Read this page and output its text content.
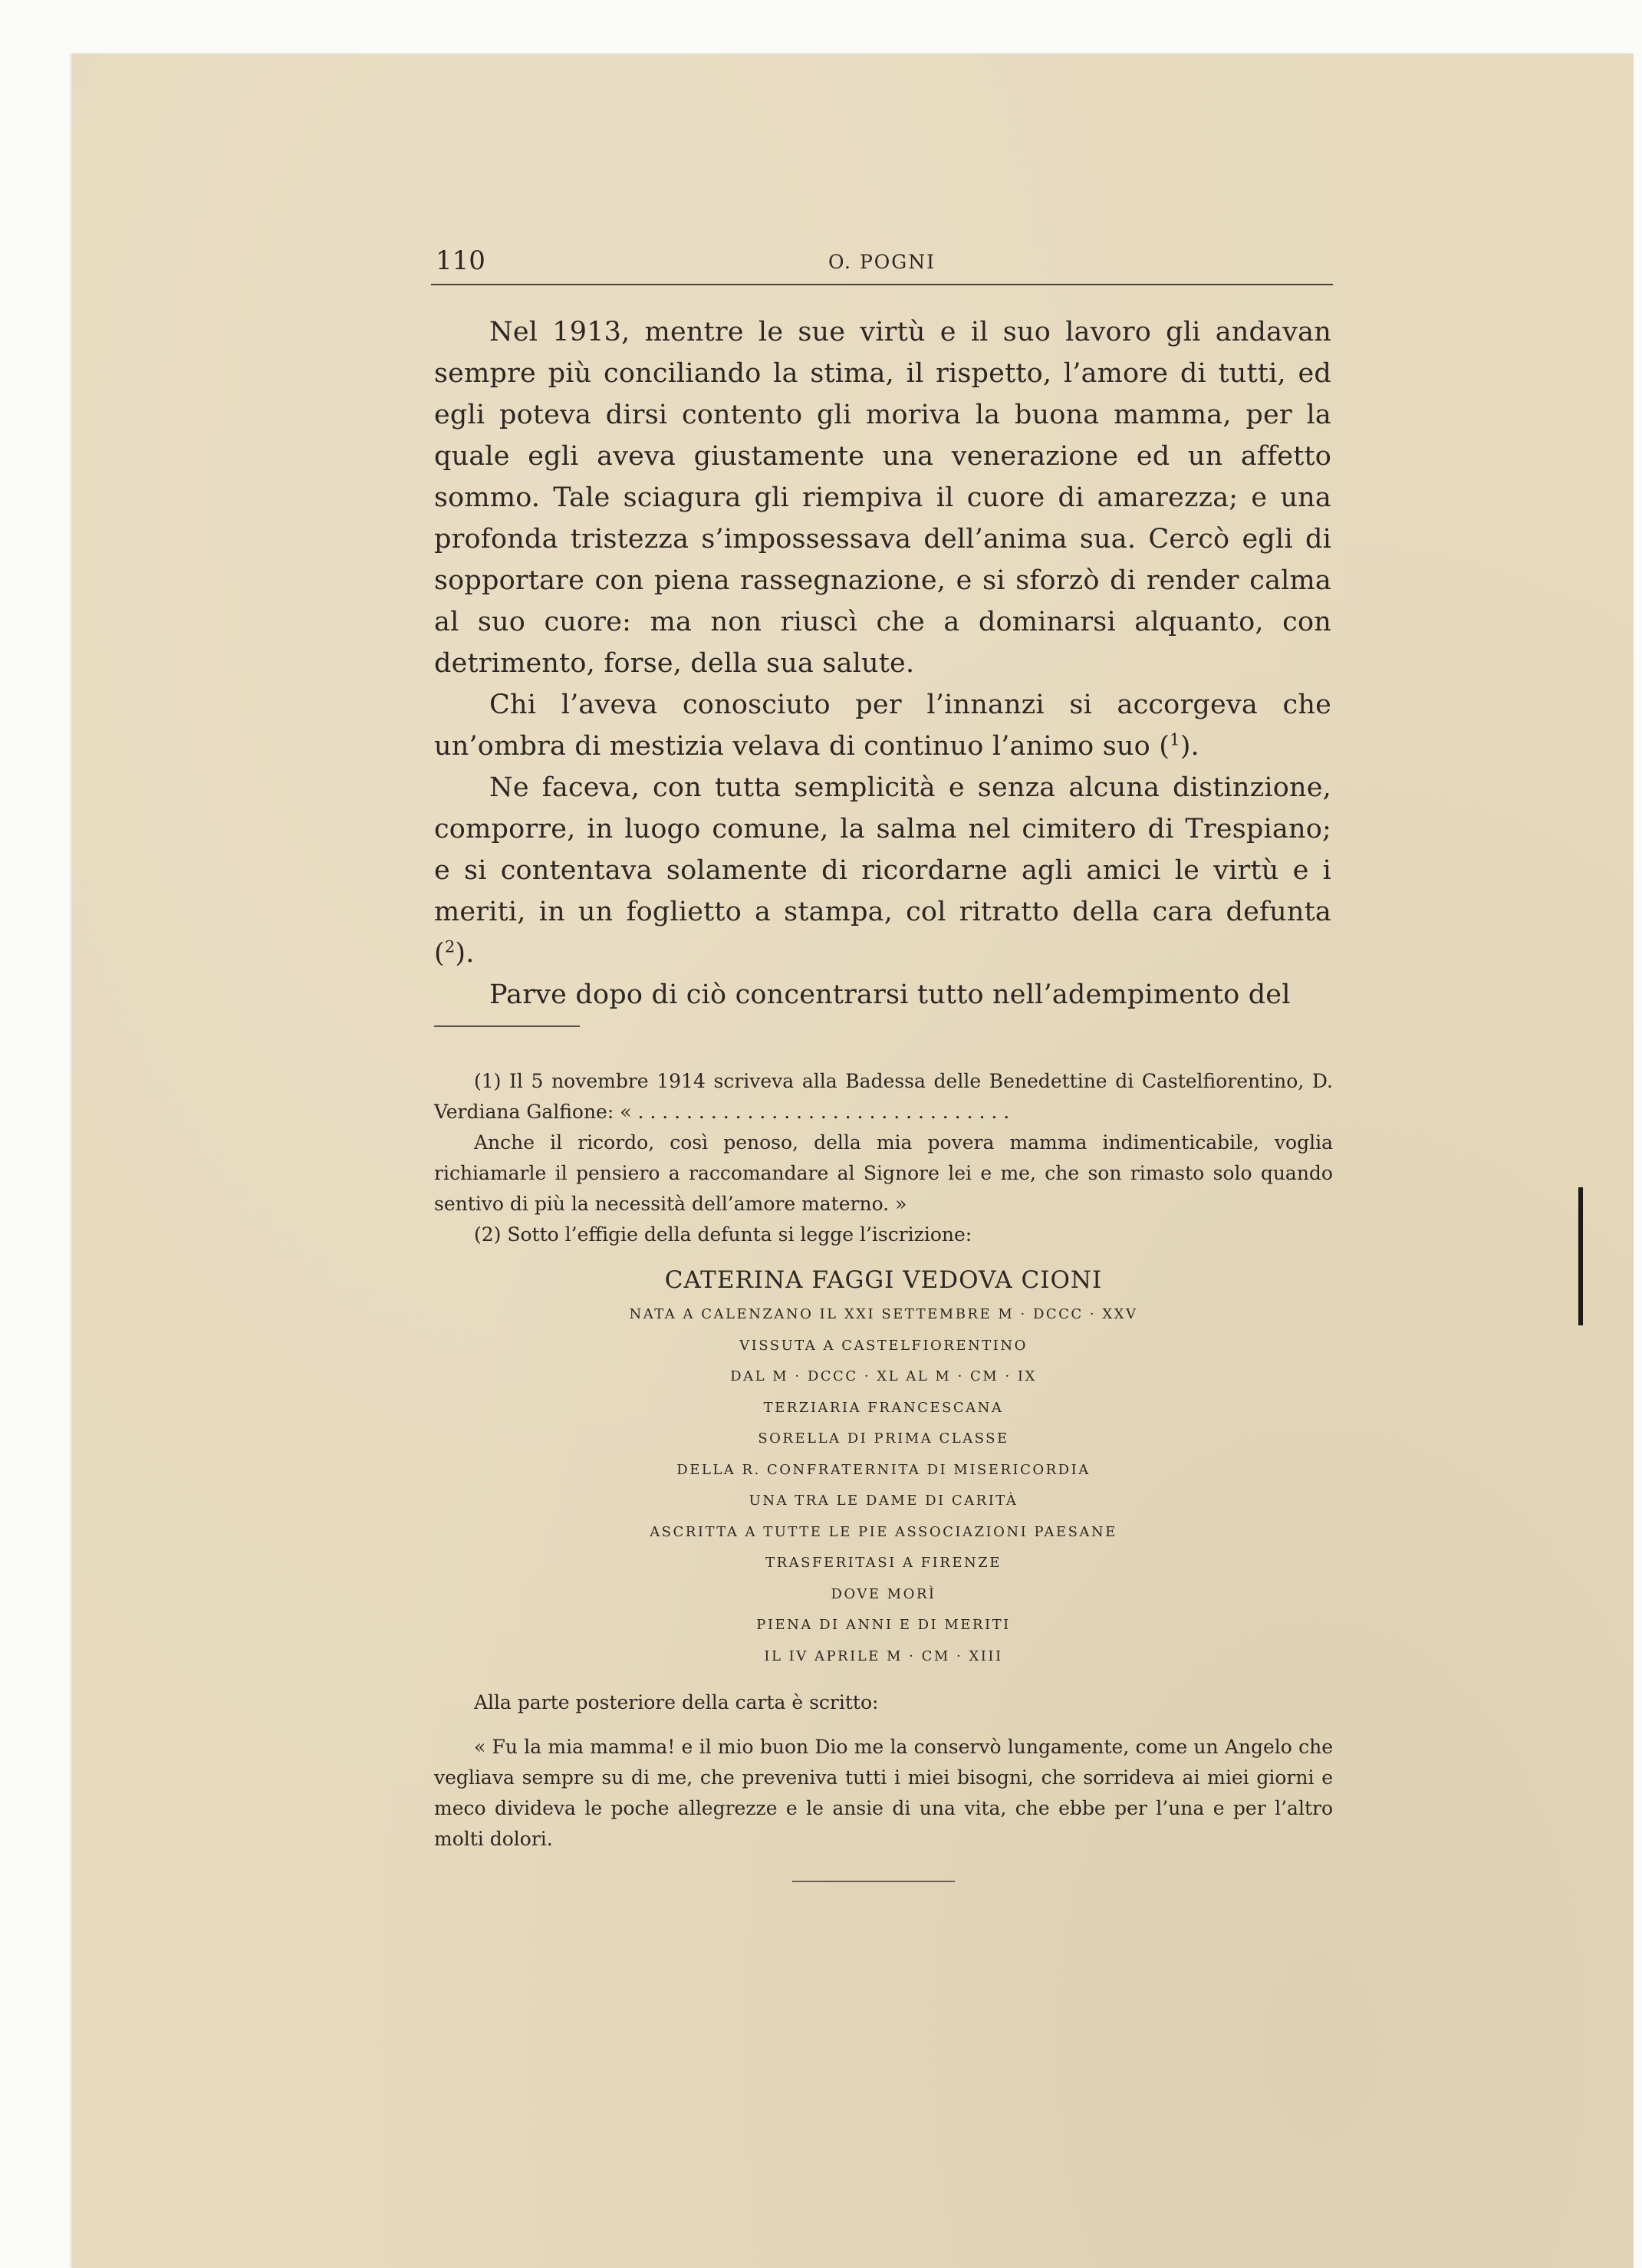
110	O. POGNI

Nel 1913, mentre le sue virtù e il suo lavoro gli andavan sempre più conciliando la stima, il rispetto, l’amore di tutti, ed egli poteva dirsi contento gli moriva la buona mamma, per la quale egli aveva giustamente una venerazione ed un affetto sommo. Tale sciagura gli riempiva il cuore di amarezza; e una profonda tristezza s’impossessava dell’anima sua. Cercò egli di sopportare con piena rassegnazione, e si sforzò di render calma al suo cuore: ma non riuscì che a dominarsi alquanto, con detrimento, forse, della sua salute.

Chi l’aveva conosciuto per l’innanzi si accorgeva che un’ombra di mestizia velava di continuo l’animo suo ($^1$).

Ne faceva, con tutta semplicità e senza alcuna distinzione, comporre, in luogo comune, la salma nel cimitero di Trespiano; e si contentava solamente di ricordarne agli amici le virtù e i meriti, in un foglietto a stampa, col ritratto della cara defunta ($^2$).

Parve dopo di ciò concentrarsi tutto nell’adempimento del

(1) Il 5 novembre 1914 scriveva alla Badessa delle Benedettine di Castelfiorentino, D. Verdiana Galfione: « . . . . . . . . . . . . . . . . . . . . . . . . . . . . . . .

Anche il ricordo, così penoso, della mia povera mamma indimenticabile, voglia richiamarle il pensiero a raccomandare al Signore lei e me, che son rimasto solo quando sentivo di più la necessità dell’amore materno. »

(2) Sotto l’effigie della defunta si legge l’iscrizione:

CATERINA FAGGI VEDOVA CIONI
NATA A CALENZANO IL XXI SETTEMBRE M · DCCC · XXV
VISSUTA A CASTELFIORENTINO
DAL M · DCCC · XL AL M · CM · IX
TERZIARIA FRANCESCANA
SORELLA DI PRIMA CLASSE
DELLA R. CONFRATERNITA DI MISERICORDIA
UNA TRA LE DAME DI CARITÀ
ASCRITTA A TUTTE LE PIE ASSOCIAZIONI PAESANE
TRASFERITASI A FIRENZE
DOVE MORÌ
PIENA DI ANNI E DI MERITI
IL IV APRILE M · CM · XIII

Alla parte posteriore della carta è scritto:

« Fu la mia mamma! e il mio buon Dio me la conservò lungamente, come un Angelo che vegliava sempre su di me, che preveniva tutti i miei bisogni, che sorrideva ai miei giorni e meco divideva le poche allegrezze e le ansie di una vita, che ebbe per l’una e per l’altro molti dolori.
